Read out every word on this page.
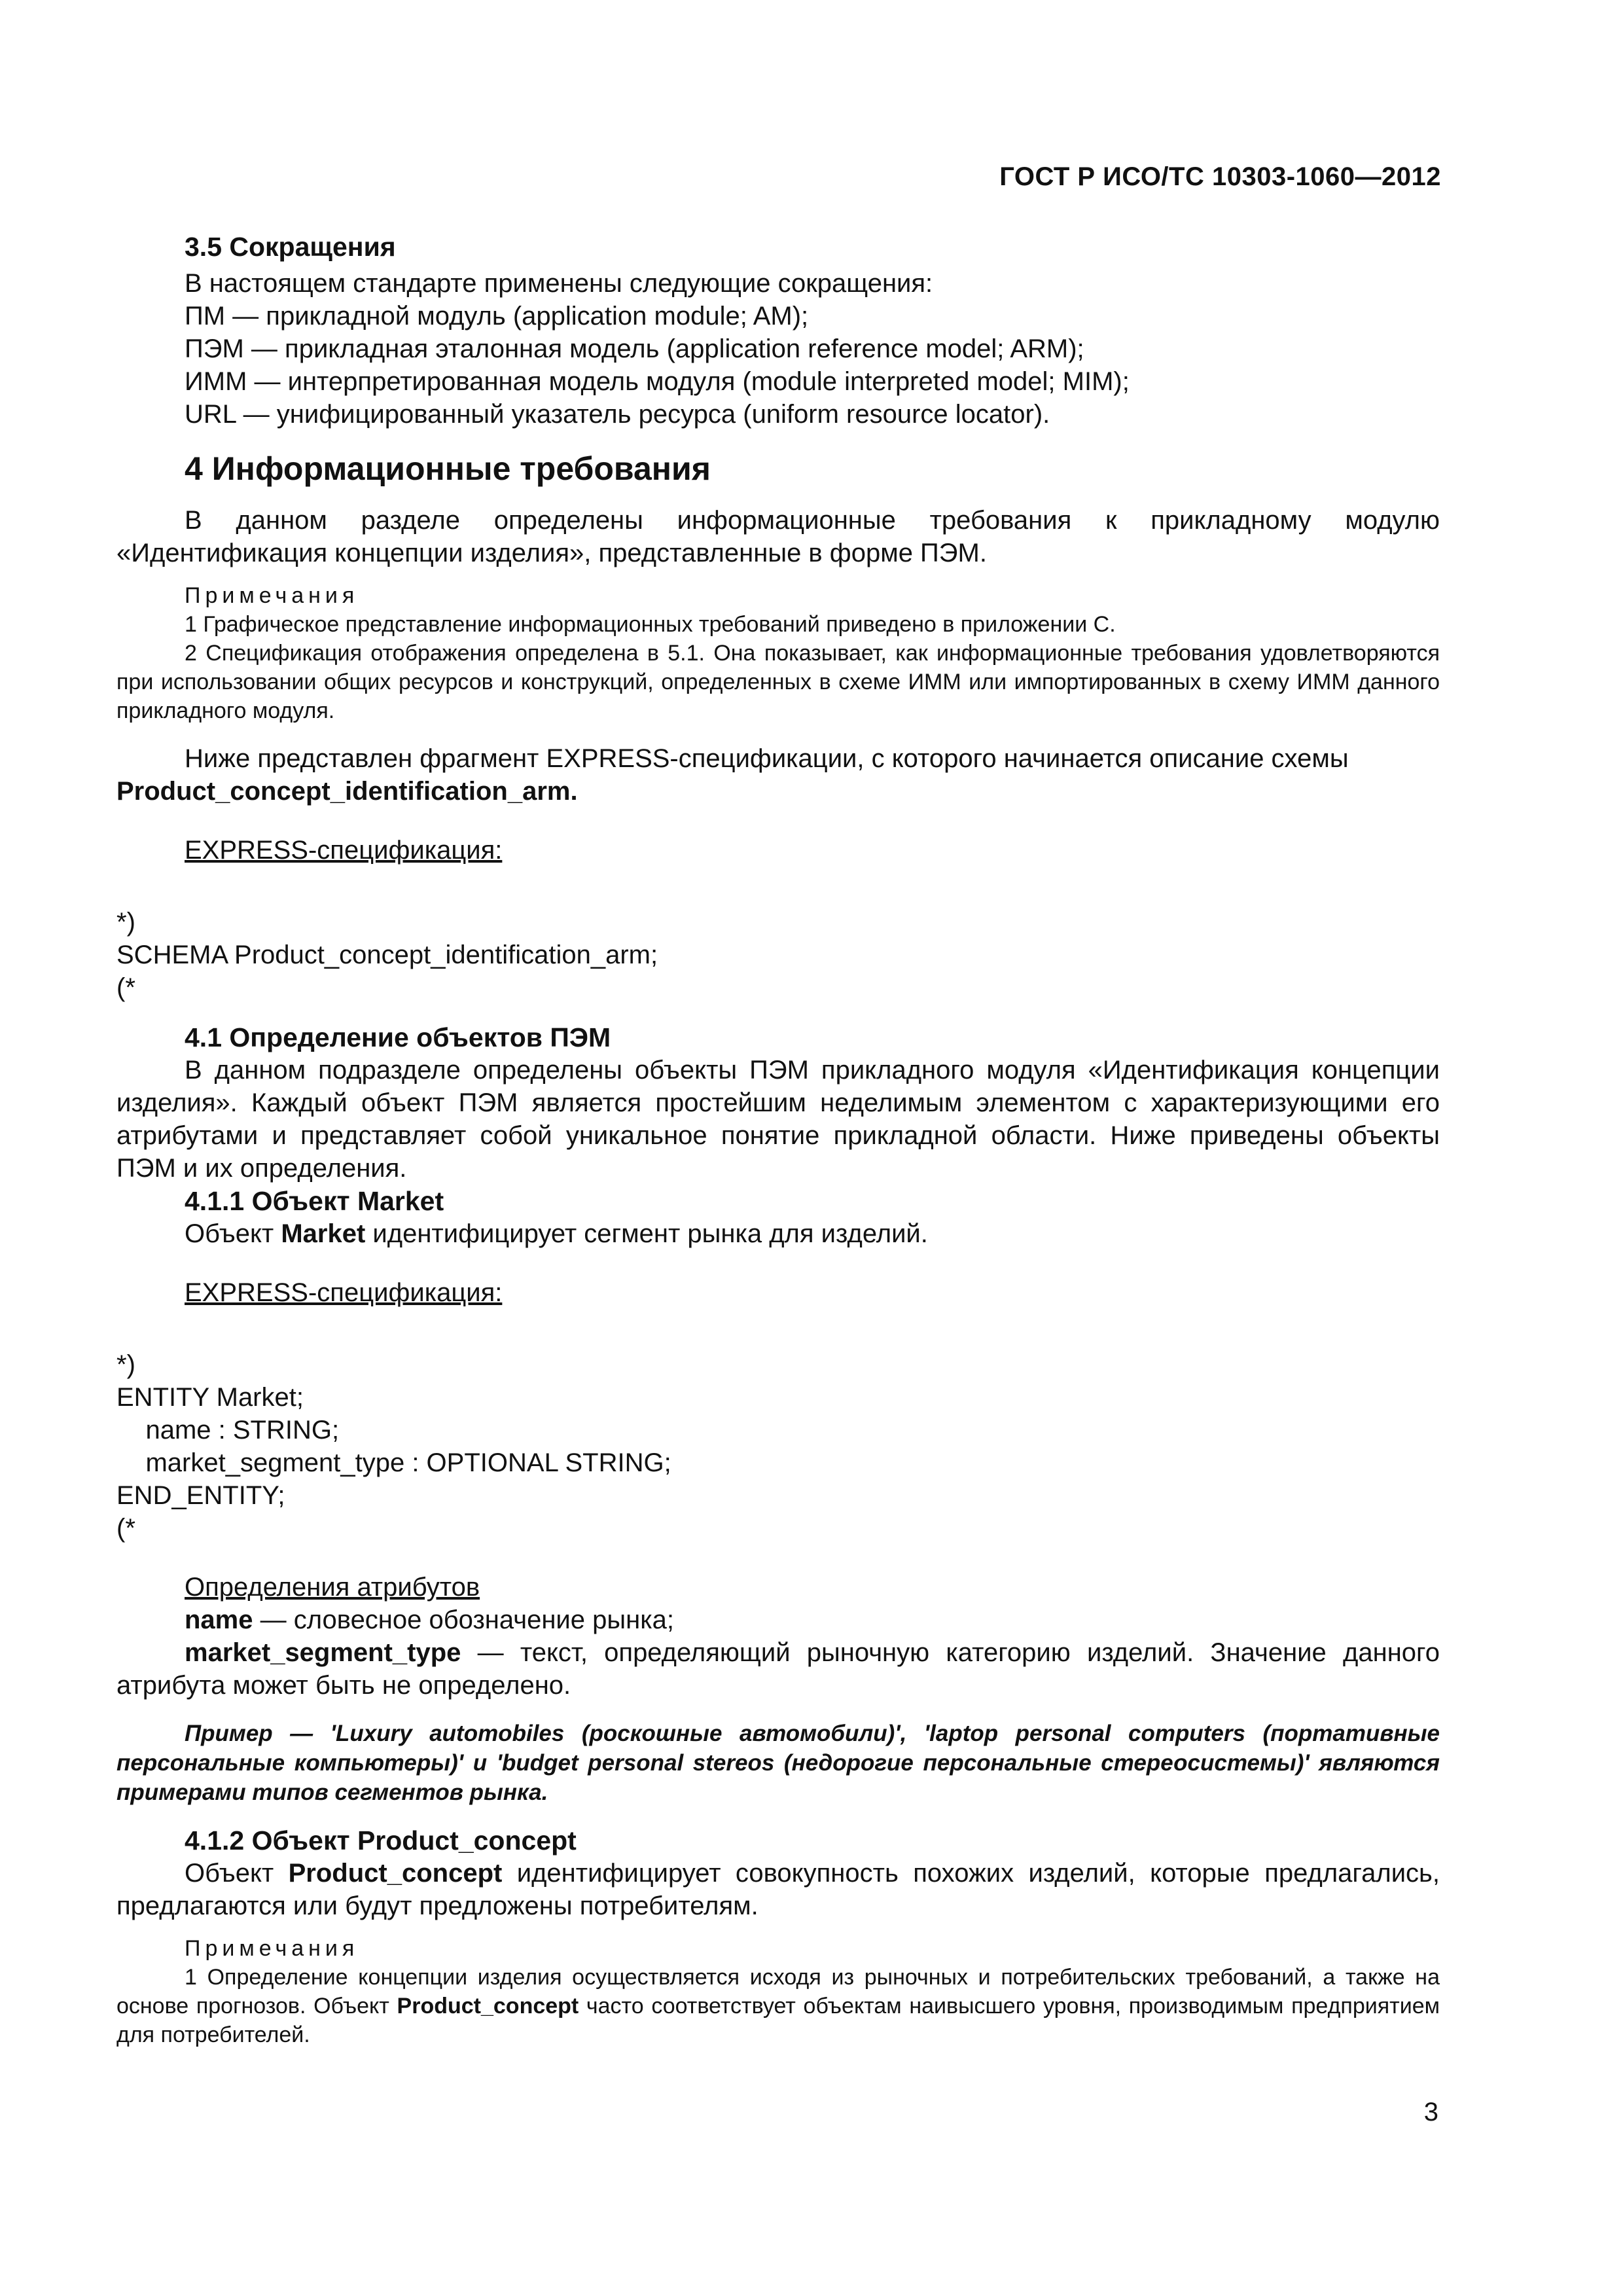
ГОСТ Р ИСО/ТС 10303-1060—2012

3.5 Сокращения

В настоящем стандарте применены следующие сокращения:

ПМ — прикладной модуль (application module; AM);

ПЭМ — прикладная эталонная модель (application reference model; ARM);

ИММ — интерпретированная модель модуля (module interpreted model; MIM);

URL — унифицированный указатель ресурса (uniform resource locator).

4 Информационные требования

В данном разделе определены информационные требования к прикладному модулю «Идентификация концепции изделия», представленные в форме ПЭМ.

Примечания

1 Графическое представление информационных требований приведено в приложении С.

2 Спецификация отображения определена в 5.1. Она показывает, как информационные требования удовлетворяются при использовании общих ресурсов и конструкций, определенных в схеме ИММ или импортированных в схему ИММ данного прикладного модуля.

Ниже представлен фрагмент EXPRESS-спецификации, с которого начинается описание схемы

Product_concept_identification_arm.

EXPRESS-спецификация:

*)
SCHEMA Product_concept_identification_arm;
(*

4.1 Определение объектов ПЭМ

В данном подразделе определены объекты ПЭМ прикладного модуля «Идентификация концепции изделия». Каждый объект ПЭМ является простейшим неделимым элементом с характеризующими его атрибутами и представляет собой уникальное понятие прикладной области. Ниже приведены объекты ПЭМ и их определения.

4.1.1 Объект Market

Объект Market идентифицирует сегмент рынка для изделий.

EXPRESS-спецификация:

*)
ENTITY Market;
name : STRING;
market_segment_type : OPTIONAL STRING;
END_ENTITY;
(*

Определения атрибутов

name — словесное обозначение рынка;

market_segment_type — текст, определяющий рыночную категорию изделий. Значение данного атрибута может быть не определено.

Пример — 'Luxury automobiles (роскошные автомобили)', 'laptop personal computers (портативные персональные компьютеры)' и 'budget personal stereos (недорогие персональные стереосистемы)' являются примерами типов сегментов рынка.

4.1.2 Объект Product_concept

Объект Product_concept идентифицирует совокупность похожих изделий, которые предлагались, предлагаются или будут предложены потребителям.

Примечания

1 Определение концепции изделия осуществляется исходя из рыночных и потребительских требований, а также на основе прогнозов. Объект Product_concept часто соответствует объектам наивысшего уровня, производимым предприятием для потребителей.

3
